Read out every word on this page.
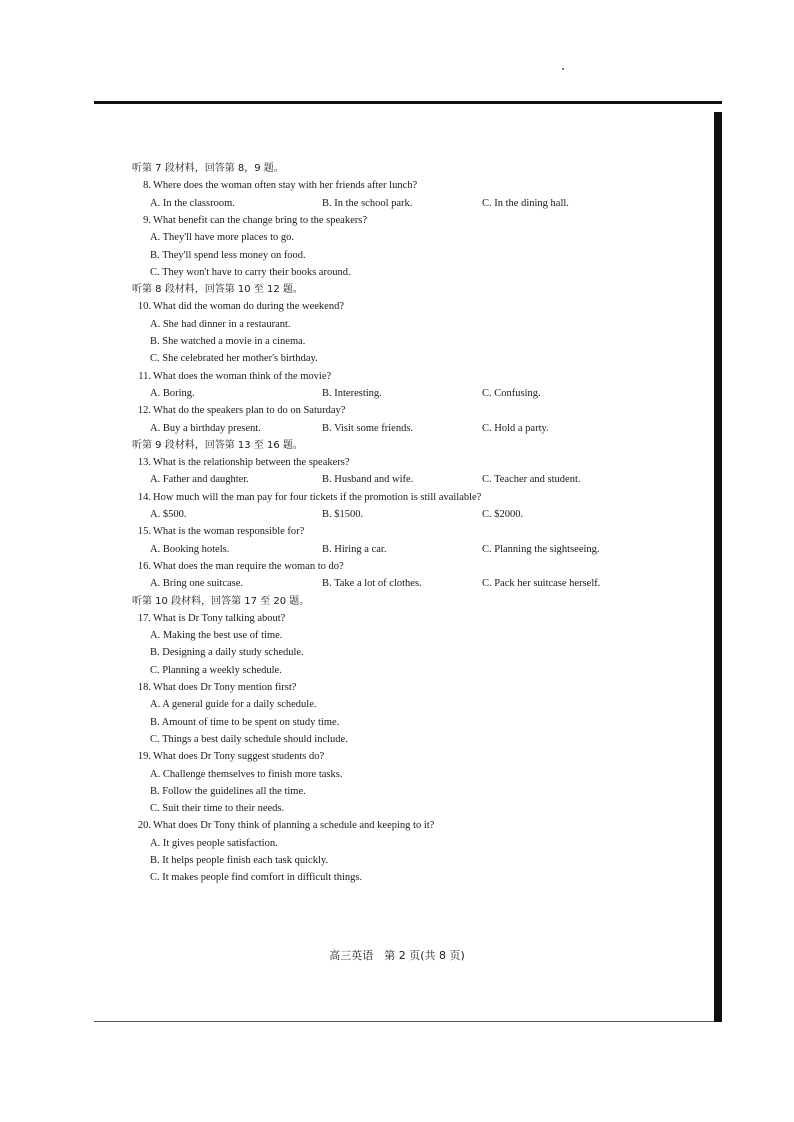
听第 7 段材料，回答第 8，9 题。
8. Where does the woman often stay with her friends after lunch?
A. In the classroom.	B. In the school park.	C. In the dining hall.
9. What benefit can the change bring to the speakers?
A. They'll have more places to go.
B. They'll spend less money on food.
C. They won't have to carry their books around.
听第 8 段材料，回答第 10 至 12 题。
10. What did the woman do during the weekend?
A. She had dinner in a restaurant.
B. She watched a movie in a cinema.
C. She celebrated her mother's birthday.
11. What does the woman think of the movie?
A. Boring.	B. Interesting.	C. Confusing.
12. What do the speakers plan to do on Saturday?
A. Buy a birthday present.	B. Visit some friends.	C. Hold a party.
听第 9 段材料，回答第 13 至 16 题。
13. What is the relationship between the speakers?
A. Father and daughter.	B. Husband and wife.	C. Teacher and student.
14. How much will the man pay for four tickets if the promotion is still available?
A. $500.	B. $1500.	C. $2000.
15. What is the woman responsible for?
A. Booking hotels.	B. Hiring a car.	C. Planning the sightseeing.
16. What does the man require the woman to do?
A. Bring one suitcase.	B. Take a lot of clothes.	C. Pack her suitcase herself.
听第 10 段材料，回答第 17 至 20 题。
17. What is Dr Tony talking about?
A. Making the best use of time.
B. Designing a daily study schedule.
C. Planning a weekly schedule.
18. What does Dr Tony mention first?
A. A general guide for a daily schedule.
B. Amount of time to be spent on study time.
C. Things a best daily schedule should include.
19. What does Dr Tony suggest students do?
A. Challenge themselves to finish more tasks.
B. Follow the guidelines all the time.
C. Suit their time to their needs.
20. What does Dr Tony think of planning a schedule and keeping to it?
A. It gives people satisfaction.
B. It helps people finish each task quickly.
C. It makes people find comfort in difficult things.
高三英语　第 2 页(共 8 页)
